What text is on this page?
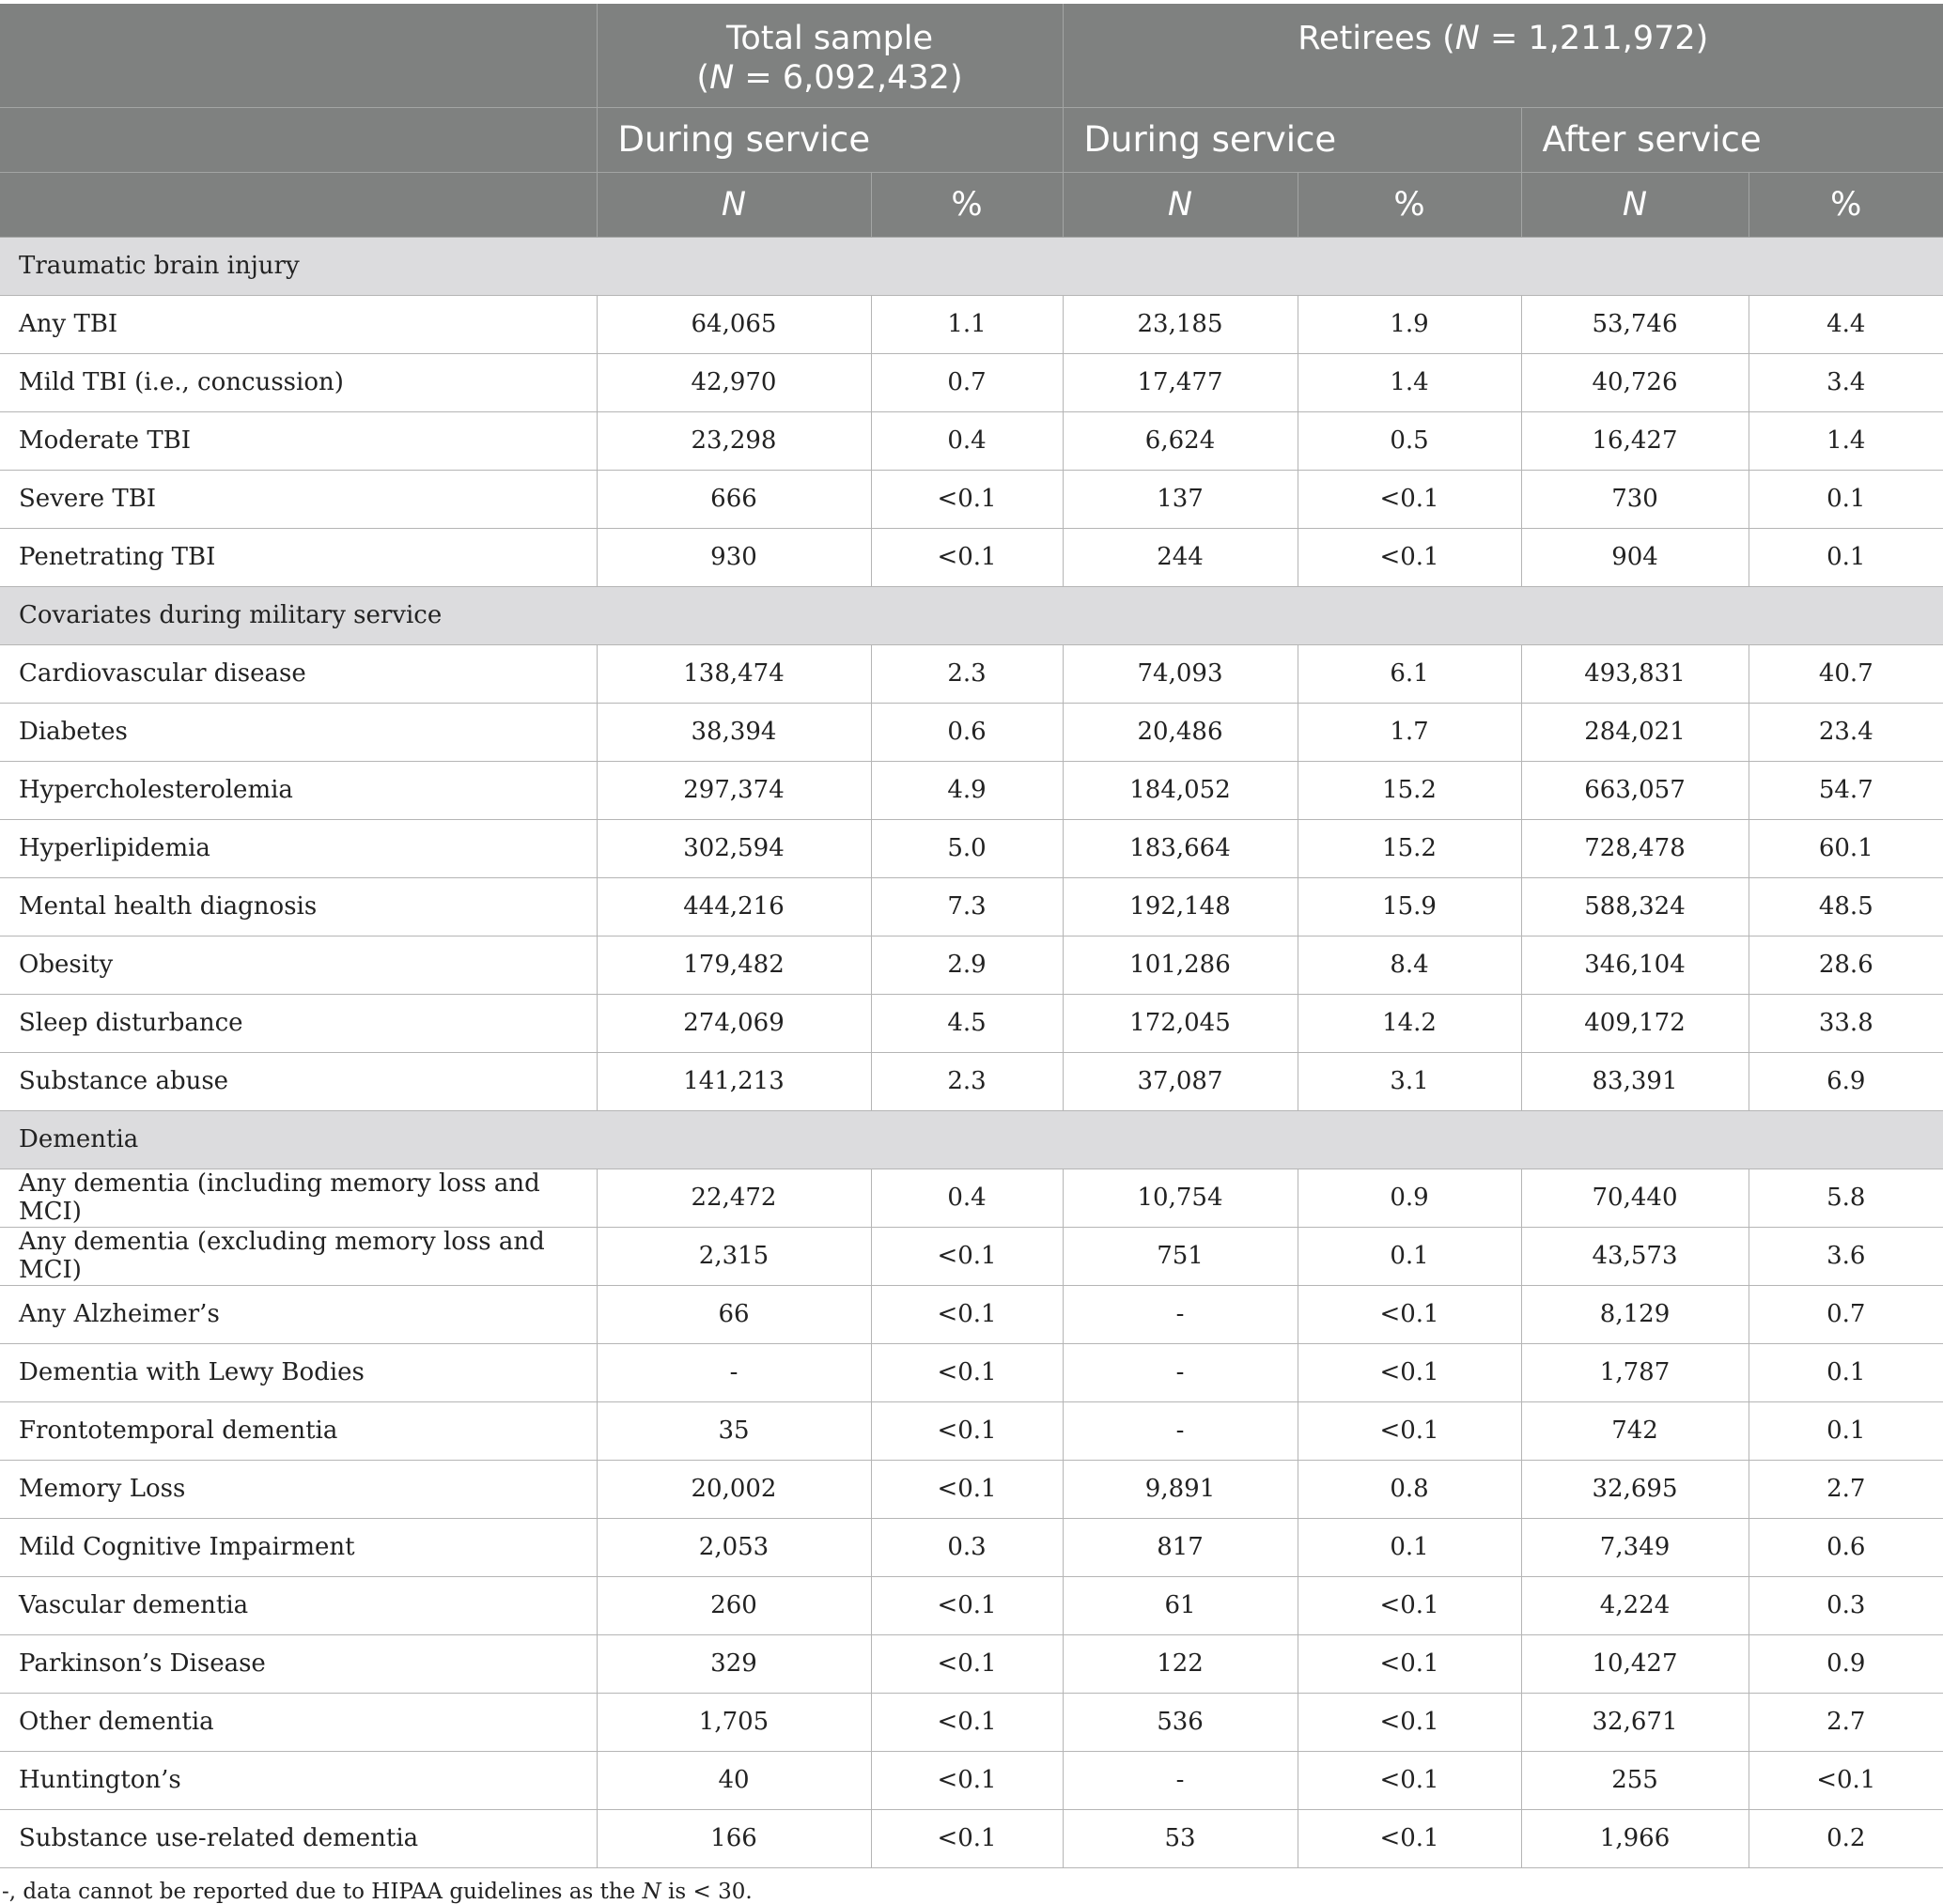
	Total sample
(N = 6,092,432)		Retirees (N = 1,211,972)			
	During service		During service		After service	
	N	%	N	%	N	%
Traumatic brain injury						
Any TBI	64,065	1.1	23,185	1.9	53,746	4.4
Mild TBI (i.e., concussion)	42,970	0.7	17,477	1.4	40,726	3.4
Moderate TBI	23,298	0.4	6,624	0.5	16,427	1.4
Severe TBI	666	<0.1	137	<0.1	730	0.1
Penetrating TBI	930	<0.1	244	<0.1	904	0.1
Covariates during military service						
Cardiovascular disease	138,474	2.3	74,093	6.1	493,831	40.7
Diabetes	38,394	0.6	20,486	1.7	284,021	23.4
Hypercholesterolemia	297,374	4.9	184,052	15.2	663,057	54.7
Hyperlipidemia	302,594	5.0	183,664	15.2	728,478	60.1
Mental health diagnosis	444,216	7.3	192,148	15.9	588,324	48.5
Obesity	179,482	2.9	101,286	8.4	346,104	28.6
Sleep disturbance	274,069	4.5	172,045	14.2	409,172	33.8
Substance abuse	141,213	2.3	37,087	3.1	83,391	6.9
Dementia						
Any dementia (including memory loss and MCI)	22,472	0.4	10,754	0.9	70,440	5.8
Any dementia (excluding memory loss and MCI)	2,315	<0.1	751	0.1	43,573	3.6
Any Alzheimer’s	66	<0.1	-	<0.1	8,129	0.7
Dementia with Lewy Bodies	-	<0.1	-	<0.1	1,787	0.1
Frontotemporal dementia	35	<0.1	-	<0.1	742	0.1
Memory Loss	20,002	<0.1	9,891	0.8	32,695	2.7
Mild Cognitive Impairment	2,053	0.3	817	0.1	7,349	0.6
Vascular dementia	260	<0.1	61	<0.1	4,224	0.3
Parkinson’s Disease	329	<0.1	122	<0.1	10,427	0.9
Other dementia	1,705	<0.1	536	<0.1	32,671	2.7
Huntington’s	40	<0.1	-	<0.1	255	<0.1
Substance use-related dementia	166	<0.1	53	<0.1	1,966	0.2
-, data cannot be reported due to HIPAA guidelines as the N is < 30.
